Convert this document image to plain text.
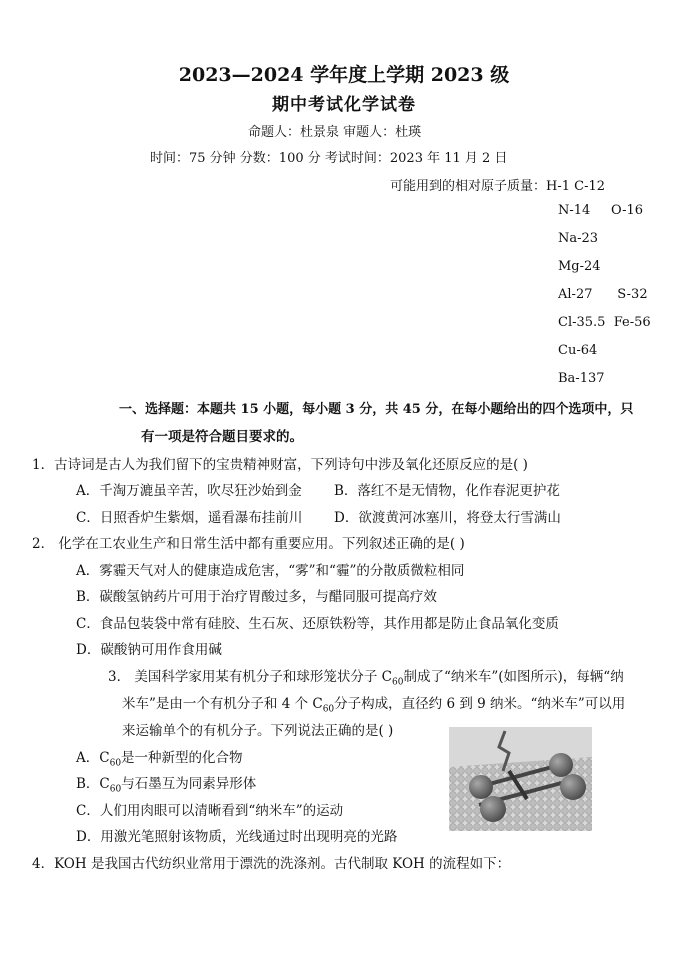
2023—2024 学年度上学期 2023 级
期中考试化学试卷
命题人：杜景泉 审题人：杜瑛
时间：75 分钟 分数：100 分 考试时间：2023 年 11 月 2 日
可能用到的相对原子质量：H-1 C-12
N-14     O-16
Na-23
Mg-24
Al-27      S-32
Cl-35.5  Fe-56
Cu-64
Ba-137
一、选择题：本题共 15 小题，每小题 3 分，共 45 分，在每小题给出的四个选项中，只
有一项是符合题目要求的。
1．古诗词是古人为我们留下的宝贵精神财富，下列诗句中涉及氧化还原反应的是( )
A．千淘万漉虽辛苦，吹尽狂沙始到金 B．落红不是无情物，化作春泥更护花
C．日照香炉生紫烟，遥看瀑布挂前川 D．欲渡黄河冰塞川，将登太行雪满山
2． 化学在工农业生产和日常生活中都有重要应用。下列叙述正确的是( )
A．雾霾天气对人的健康造成危害，“雾”和“霾”的分散质微粒相同
B．碳酸氢钠药片可用于治疗胃酸过多，与醋同服可提高疗效
C．食品包装袋中常有硅胶、生石灰、还原铁粉等，其作用都是防止食品氧化变质
D．碳酸钠可用作食用碱
3． 美国科学家用某有机分子和球形笼状分子 $C_{60}$制成了“纳米车”(如图所示)，每辆“纳
米车”是由一个有机分子和 4 个 $C_{60}$分子构成，直径约 6 到 9 纳米。“纳米车”可以用
来运输单个的有机分子。下列说法正确的是( )
A．$C_{60}$是一种新型的化合物
B．$C_{60}$与石墨互为同素异形体
C．人们用肉眼可以清晰看到“纳米车”的运动
D．用激光笔照射该物质，光线通过时出现明亮的光路
4．KOH 是我国古代纺织业常用于漂洗的洗涤剂。古代制取 KOH 的流程如下：
